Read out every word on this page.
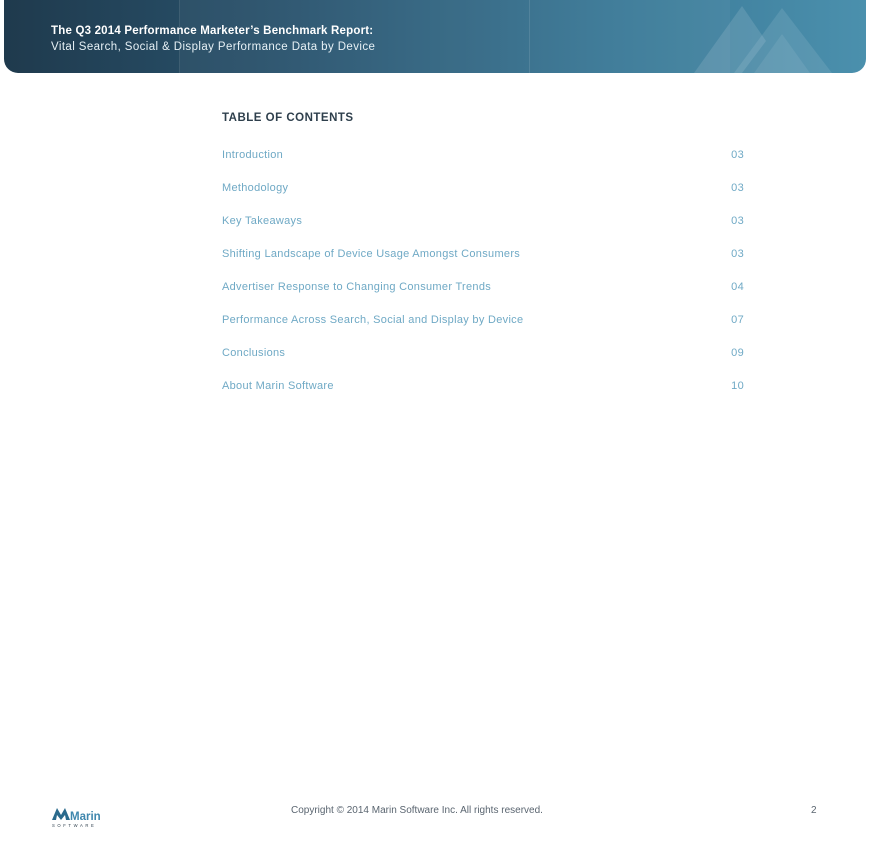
The Q3 2014 Performance Marketer’s Benchmark Report:
Vital Search, Social & Display Performance Data by Device
TABLE OF CONTENTS
Introduction	03
Methodology	03
Key Takeaways	03
Shifting Landscape of Device Usage Amongst Consumers	03
Advertiser Response to Changing Consumer Trends	04
Performance Across Search, Social and Display by Device	07
Conclusions	09
About Marin Software	10
Marin
SOFTWARE
Copyright © 2014 Marin Software Inc. All rights reserved.	2
